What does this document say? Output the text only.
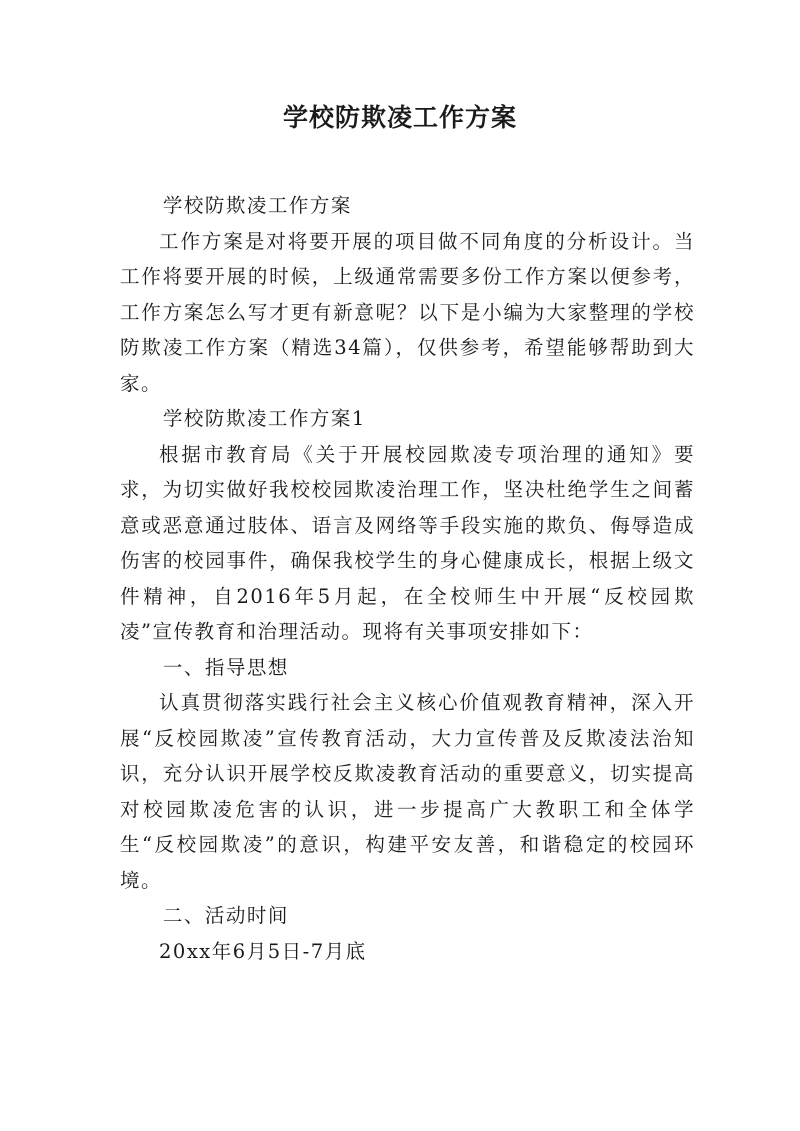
学校防欺凌工作方案

学校防欺凌工作方案

工作方案是对将要开展的项目做不同角度的分析设计。当工作将要开展的时候，上级通常需要多份工作方案以便参考，工作方案怎么写才更有新意呢？以下是小编为大家整理的学校防欺凌工作方案（精选34篇），仅供参考，希望能够帮助到大家。

学校防欺凌工作方案1

根据市教育局《关于开展校园欺凌专项治理的通知》要求，为切实做好我校校园欺凌治理工作，坚决杜绝学生之间蓄意或恶意通过肢体、语言及网络等手段实施的欺负、侮辱造成伤害的校园事件，确保我校学生的身心健康成长，根据上级文件精神，自2016年5月起，在全校师生中开展“反校园欺凌”宣传教育和治理活动。现将有关事项安排如下：

一、指导思想

认真贯彻落实践行社会主义核心价值观教育精神，深入开展“反校园欺凌”宣传教育活动，大力宣传普及反欺凌法治知识，充分认识开展学校反欺凌教育活动的重要意义，切实提高对校园欺凌危害的认识，进一步提高广大教职工和全体学生“反校园欺凌”的意识，构建平安友善，和谐稳定的校园环境。

二、活动时间

20xx年6月5日-7月底
